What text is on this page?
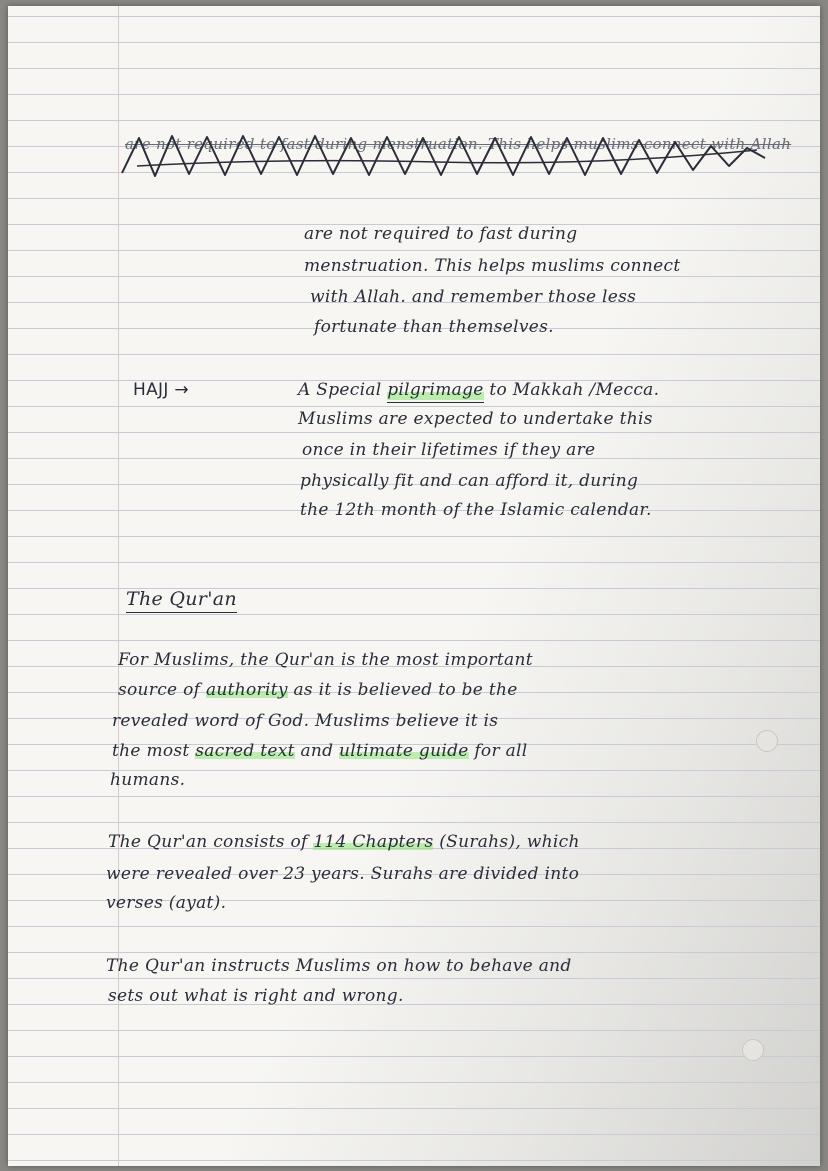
are not required to fast during menstruation. This helps muslims connect with Allah

are not required to fast during

menstruation. This helps muslims connect

with Allah. and remember those less

fortunate than themselves.

HAJJ →	A Special pilgrimage to Makkah /Mecca.

Muslims are expected to undertake this

once in their lifetimes if they are

physically fit and can afford it, during

the 12th month of the Islamic calendar.

The Qur'an

For Muslims, the Qur'an is the most important

source of authority as it is believed to be the

revealed word of God. Muslims believe it is

the most sacred text and ultimate guide for all

humans.

The Qur'an consists of 114 Chapters (Surahs), which

were revealed over 23 years. Surahs are divided into

verses (ayat).

The Qur'an instructs Muslims on how to behave and

sets out what is right and wrong.
